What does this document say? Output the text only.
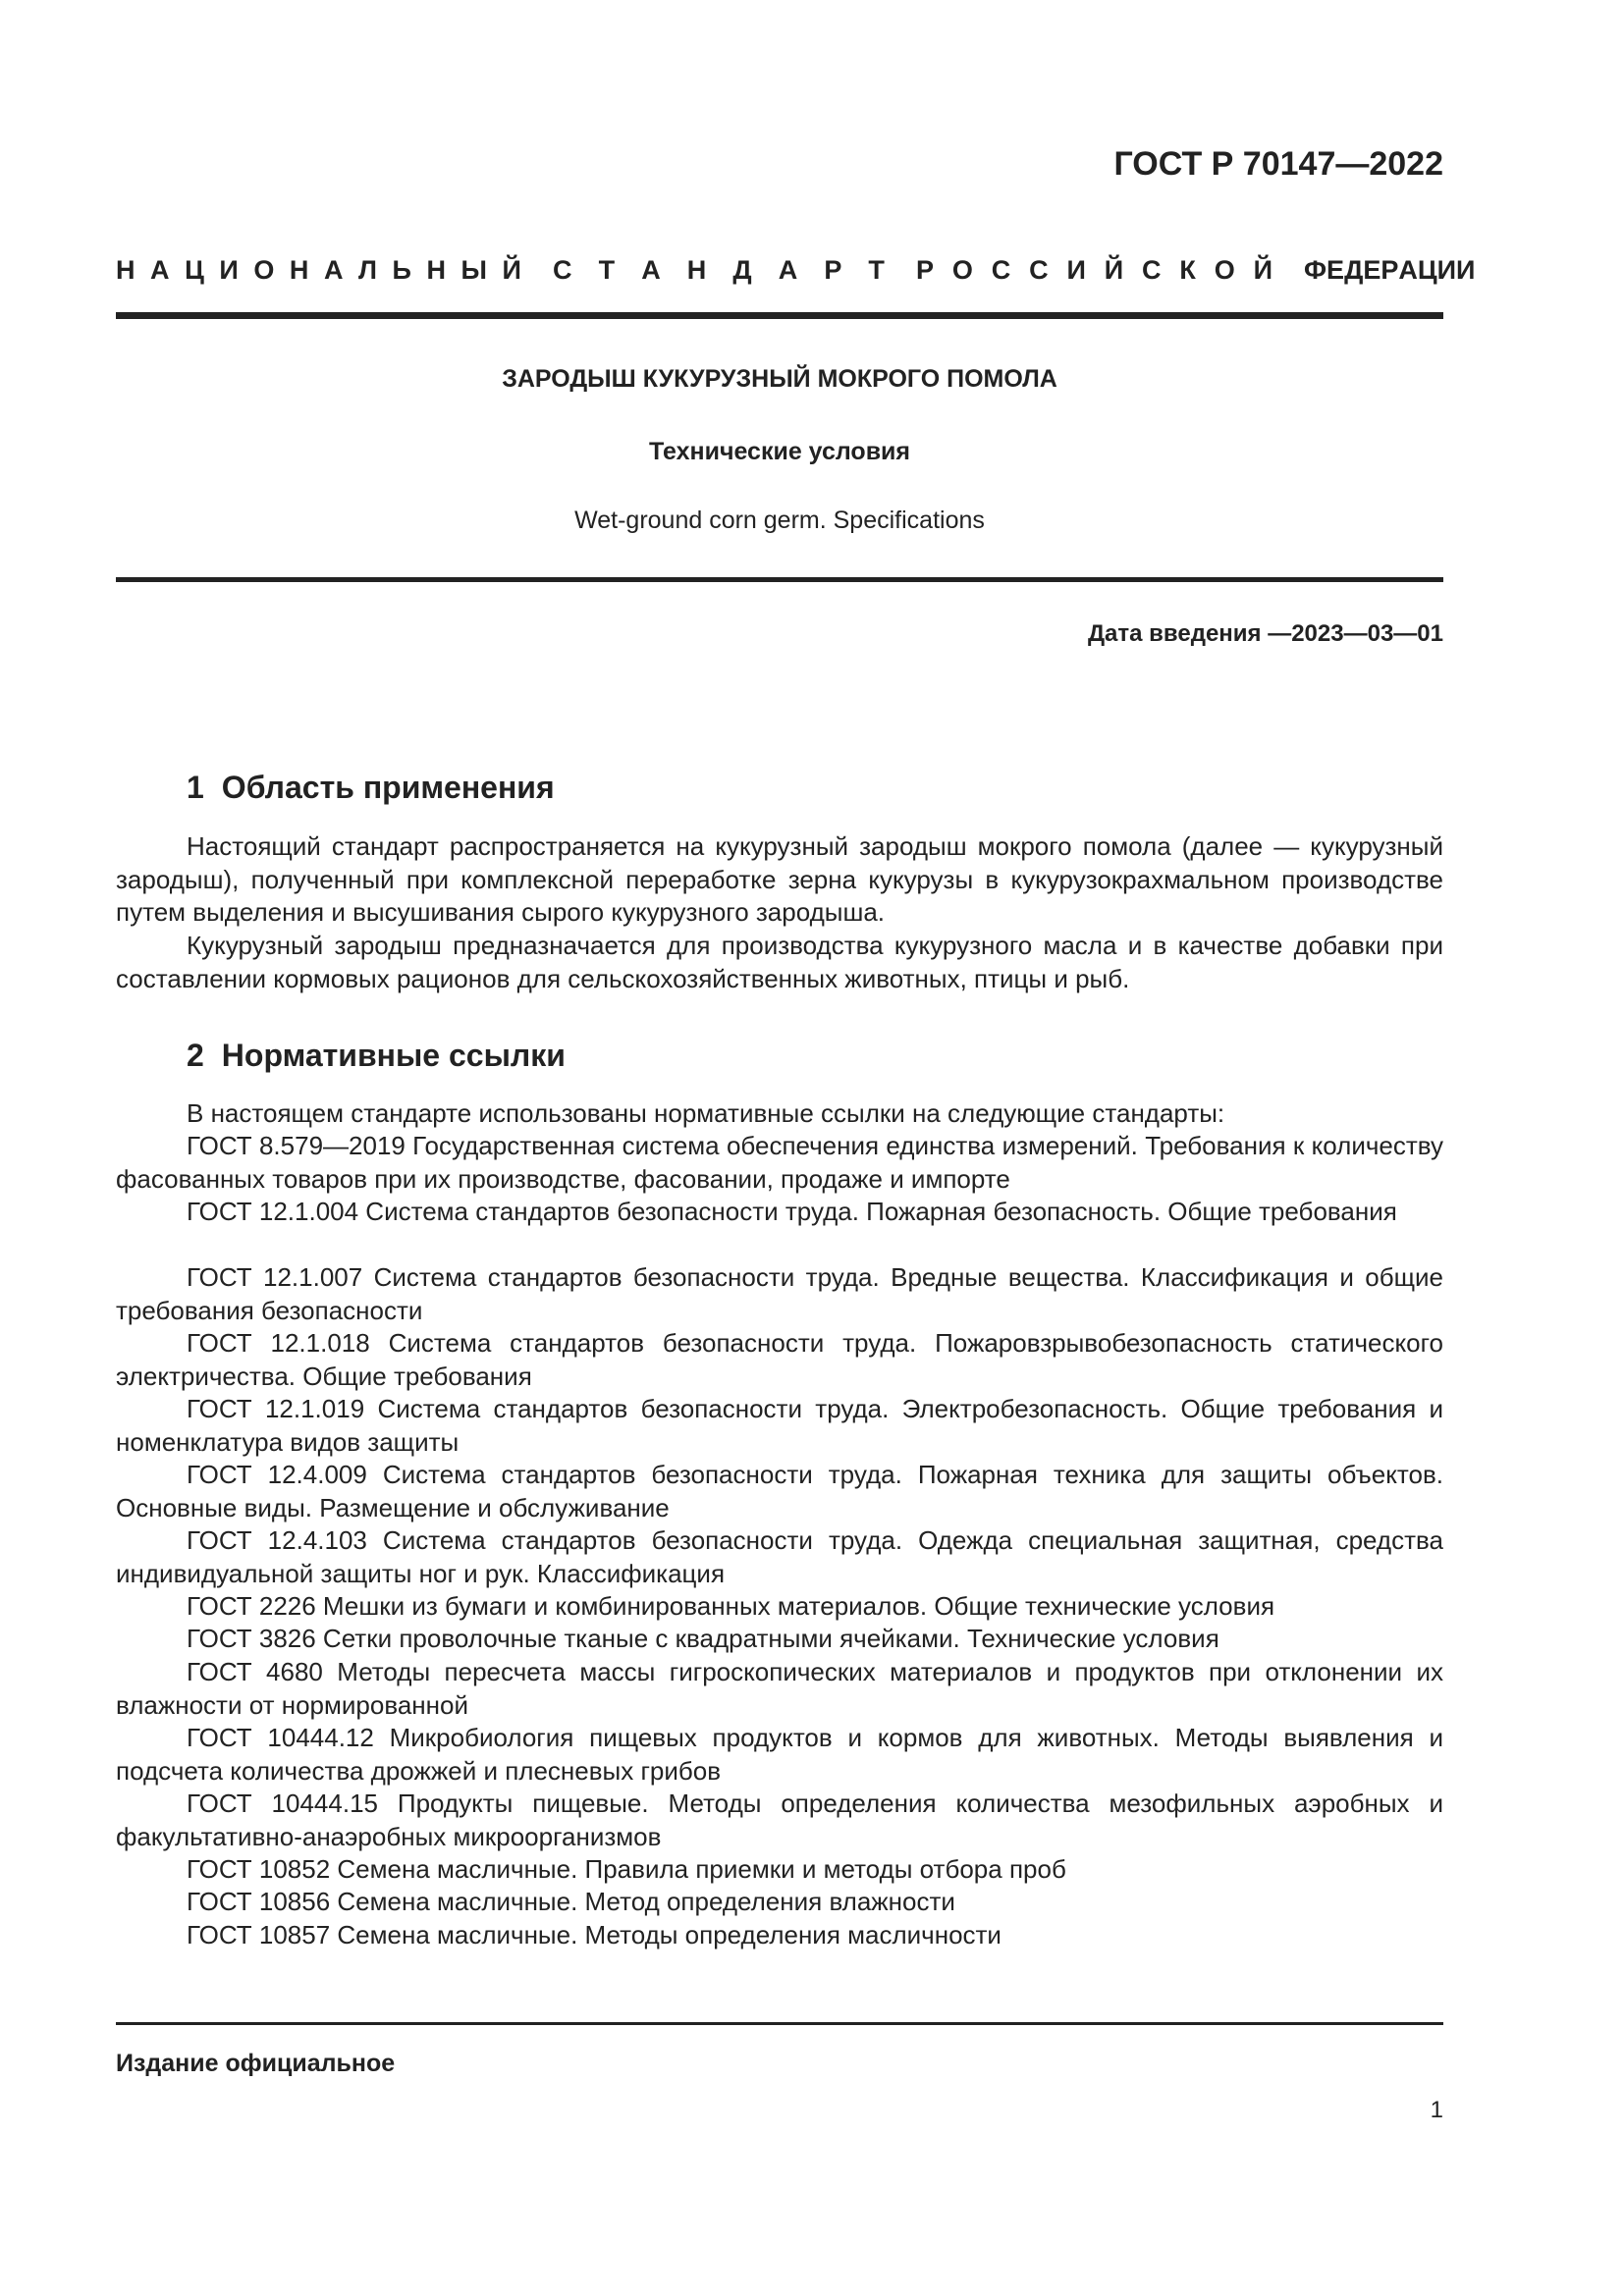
ГОСТ Р 70147—2022
Н А Ц И О Н А Л Ь Н Ы Й С Т А Н Д А Р Т Р О С С И Й С К О Й Ф Е Д Е Р А Ц И И
ЗАРОДЫШ КУКУРУЗНЫЙ МОКРОГО ПОМОЛА
Технические условия
Wet-ground corn germ. Specifications
Дата введения —2023—03—01
1 Область применения

Настоящий стандарт распространяется на кукурузный зародыш мокрого помола (далее — кукурузный зародыш), полученный при комплексной переработке зерна кукурузы в кукурузокрахмальном производстве путем выделения и высушивания сырого кукурузного зародыша.

Кукурузный зародыш предназначается для производства кукурузного масла и в качестве добавки при составлении кормовых рационов для сельскохозяйственных животных, птицы и рыб.

2 Нормативные ссылки

В настоящем стандарте использованы нормативные ссылки на следующие стандарты:

ГОСТ 8.579—2019 Государственная система обеспечения единства измерений. Требования к количеству фасованных товаров при их производстве, фасовании, продаже и импорте

ГОСТ 12.1.004 Система стандартов безопасности труда. Пожарная безопасность. Общие требования

ГОСТ 12.1.007 Система стандартов безопасности труда. Вредные вещества. Классификация и общие требования безопасности

ГОСТ 12.1.018 Система стандартов безопасности труда. Пожаровзрывобезопасность статического электричества. Общие требования

ГОСТ 12.1.019 Система стандартов безопасности труда. Электробезопасность. Общие требования и номенклатура видов защиты

ГОСТ 12.4.009 Система стандартов безопасности труда. Пожарная техника для защиты объектов. Основные виды. Размещение и обслуживание

ГОСТ 12.4.103 Система стандартов безопасности труда. Одежда специальная защитная, средства индивидуальной защиты ног и рук. Классификация

ГОСТ 2226 Мешки из бумаги и комбинированных материалов. Общие технические условия

ГОСТ 3826 Сетки проволочные тканые с квадратными ячейками. Технические условия

ГОСТ 4680 Методы пересчета массы гигроскопических материалов и продуктов при отклонении их влажности от нормированной

ГОСТ 10444.12 Микробиология пищевых продуктов и кормов для животных. Методы выявления и подсчета количества дрожжей и плесневых грибов

ГОСТ 10444.15 Продукты пищевые. Методы определения количества мезофильных аэробных и факультативно-анаэробных микроорганизмов

ГОСТ 10852 Семена масличные. Правила приемки и методы отбора проб

ГОСТ 10856 Семена масличные. Метод определения влажности

ГОСТ 10857 Семена масличные. Методы определения масличности

Издание официальное
1
